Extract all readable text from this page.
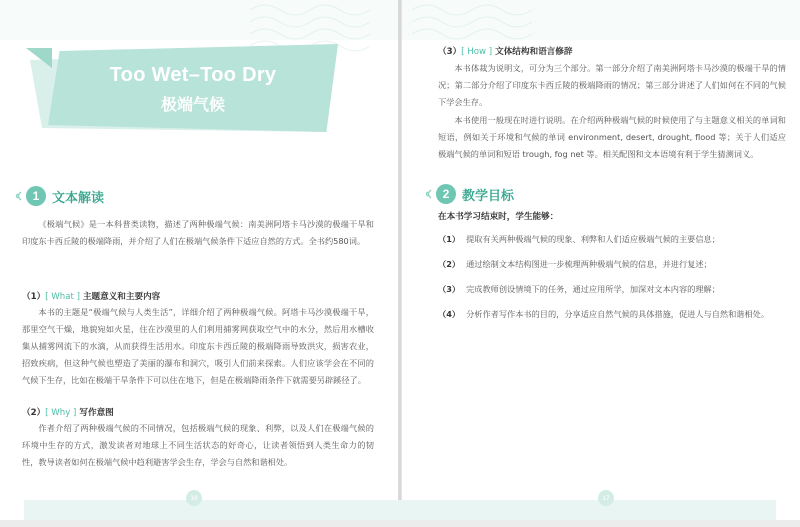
Too Wet–Too Dry
极端气候
1 文本解读
《极端气候》是一本科普类读物，描述了两种极端气候：南美洲阿塔卡马沙漠的极端干旱和印度东卡西丘陵的极端降雨，并介绍了人们在极端气候条件下适应自然的方式。全书约580词。
（1）[ What ] 主题意义和主要内容
本书的主题是“极端气候与人类生活”，详细介绍了两种极端气候。阿塔卡马沙漠极端干旱，那里空气干燥，地貌宛如火星，住在沙漠里的人们利用捕雾网获取空气中的水分，然后用水槽收集从捕雾网流下的水滴，从而获得生活用水。印度东卡西丘陵的极端降雨导致洪灾，损害农业，招致疾病，但这种气候也塑造了美丽的瀑布和洞穴，吸引人们前来探索。人们应该学会在不同的气候下生存，比如在极端干旱条件下可以住在地下，但是在极端降雨条件下就需要另辟蹊径了。
（2）[ Why ] 写作意图
作者介绍了两种极端气候的不同情况，包括极端气候的现象、利弊，以及人们在极端气候的环境中生存的方式，激发读者对地球上不同生活状态的好奇心，让读者领悟到人类生命力的韧性，教导读者如何在极端气候中趋利避害学会生存，学会与自然和谐相处。
（3）[ How ] 文体结构和语言修辞
本书体裁为说明文，可分为三个部分。第一部分介绍了南美洲阿塔卡马沙漠的极端干旱的情况；第二部分介绍了印度东卡西丘陵的极端降雨的情况；第三部分讲述了人们如何在不同的气候下学会生存。
本书使用一般现在时进行说明。在介绍两种极端气候的时候使用了与主题意义相关的单词和短语，例如关于环境和气候的单词 environment, desert, drought, flood 等；关于人们适应极端气候的单词和短语 trough, fog net 等。相关配图和文本语境有利于学生猜测词义。
2 教学目标
在本书学习结束时，学生能够：
（1） 提取有关两种极端气候的现象、利弊和人们适应极端气候的主要信息；
（2） 通过绘制文本结构图进一步梳理两种极端气候的信息，并进行复述；
（3） 完成教师创设情境下的任务，通过应用所学，加深对文本内容的理解；
（4） 分析作者写作本书的目的，分享适应自然气候的具体措施，促进人与自然和谐相处。
16	17
